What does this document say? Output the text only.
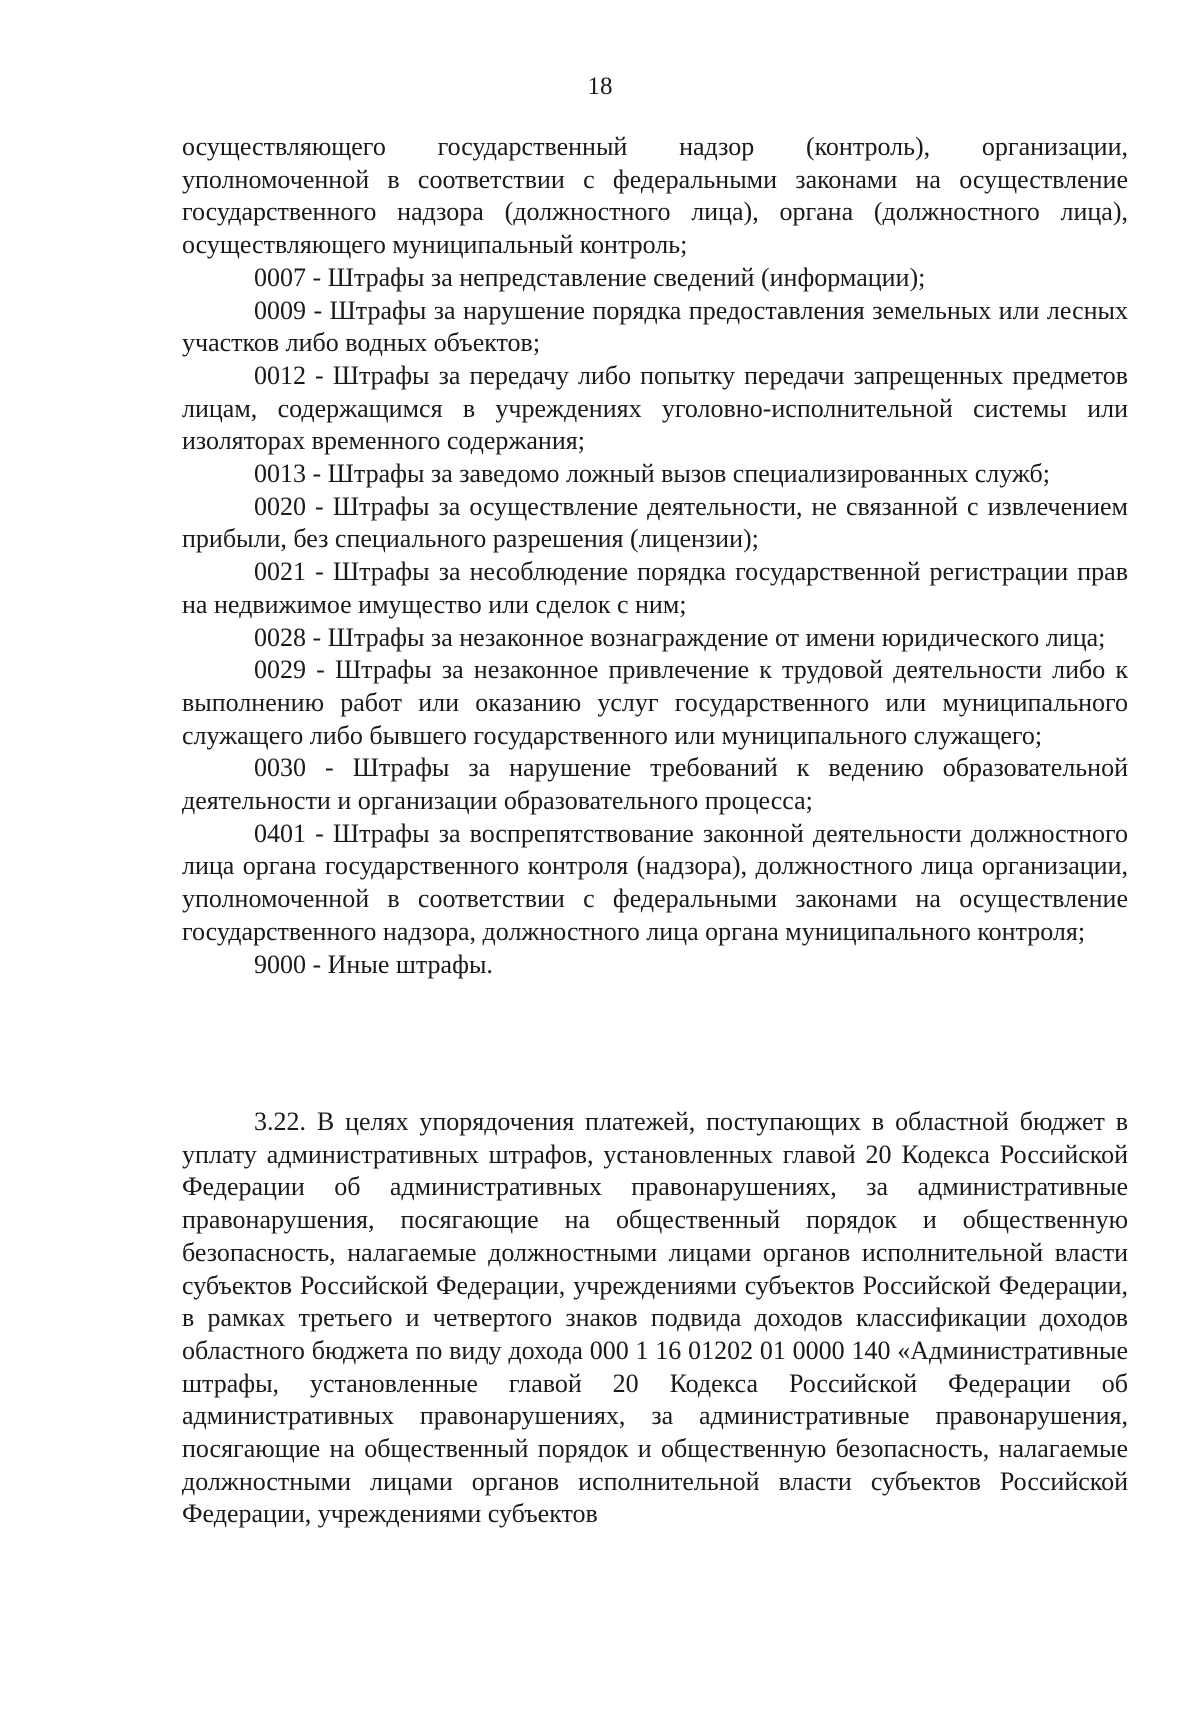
18

осуществляющего государственный надзор (контроль), организации, уполномоченной в соответствии с федеральными законами на осуществление государственного надзора (должностного лица), органа (должностного лица), осуществляющего муниципальный контроль;

0007 - Штрафы за непредставление сведений (информации);

0009 - Штрафы за нарушение порядка предоставления земельных или лесных участков либо водных объектов;

0012 - Штрафы за передачу либо попытку передачи запрещенных предметов лицам, содержащимся в учреждениях уголовно-исполнительной системы или изоляторах временного содержания;

0013 - Штрафы за заведомо ложный вызов специализированных служб;

0020 - Штрафы за осуществление деятельности, не связанной с извлечением прибыли, без специального разрешения (лицензии);

0021 - Штрафы за несоблюдение порядка государственной регистрации прав на недвижимое имущество или сделок с ним;

0028 - Штрафы за незаконное вознаграждение от имени юридического лица;

0029 - Штрафы за незаконное привлечение к трудовой деятельности либо к выполнению работ или оказанию услуг государственного или муниципального служащего либо бывшего государственного или муниципального служащего;

0030 - Штрафы за нарушение требований к ведению образовательной деятельности и организации образовательного процесса;

0401 - Штрафы за воспрепятствование законной деятельности должностного лица органа государственного контроля (надзора), должностного лица организации, уполномоченной в соответствии с федеральными законами на осуществление государственного надзора, должностного лица органа муниципального контроля;

9000 - Иные штрафы.

3.22. В целях упорядочения платежей, поступающих в областной бюджет в уплату административных штрафов, установленных главой 20 Кодекса Российской Федерации об административных правонарушениях, за административные правонарушения, посягающие на общественный порядок и общественную безопасность, налагаемые должностными лицами органов исполнительной власти субъектов Российской Федерации, учреждениями субъектов Российской Федерации, в рамках третьего и четвертого знаков подвида доходов классификации доходов областного бюджета по виду дохода 000 1 16 01202 01 0000 140 «Административные штрафы, установленные главой 20 Кодекса Российской Федерации об административных правонарушениях, за административные правонарушения, посягающие на общественный порядок и общественную безопасность, налагаемые должностными лицами органов исполнительной власти субъектов Российской Федерации, учреждениями субъектов
